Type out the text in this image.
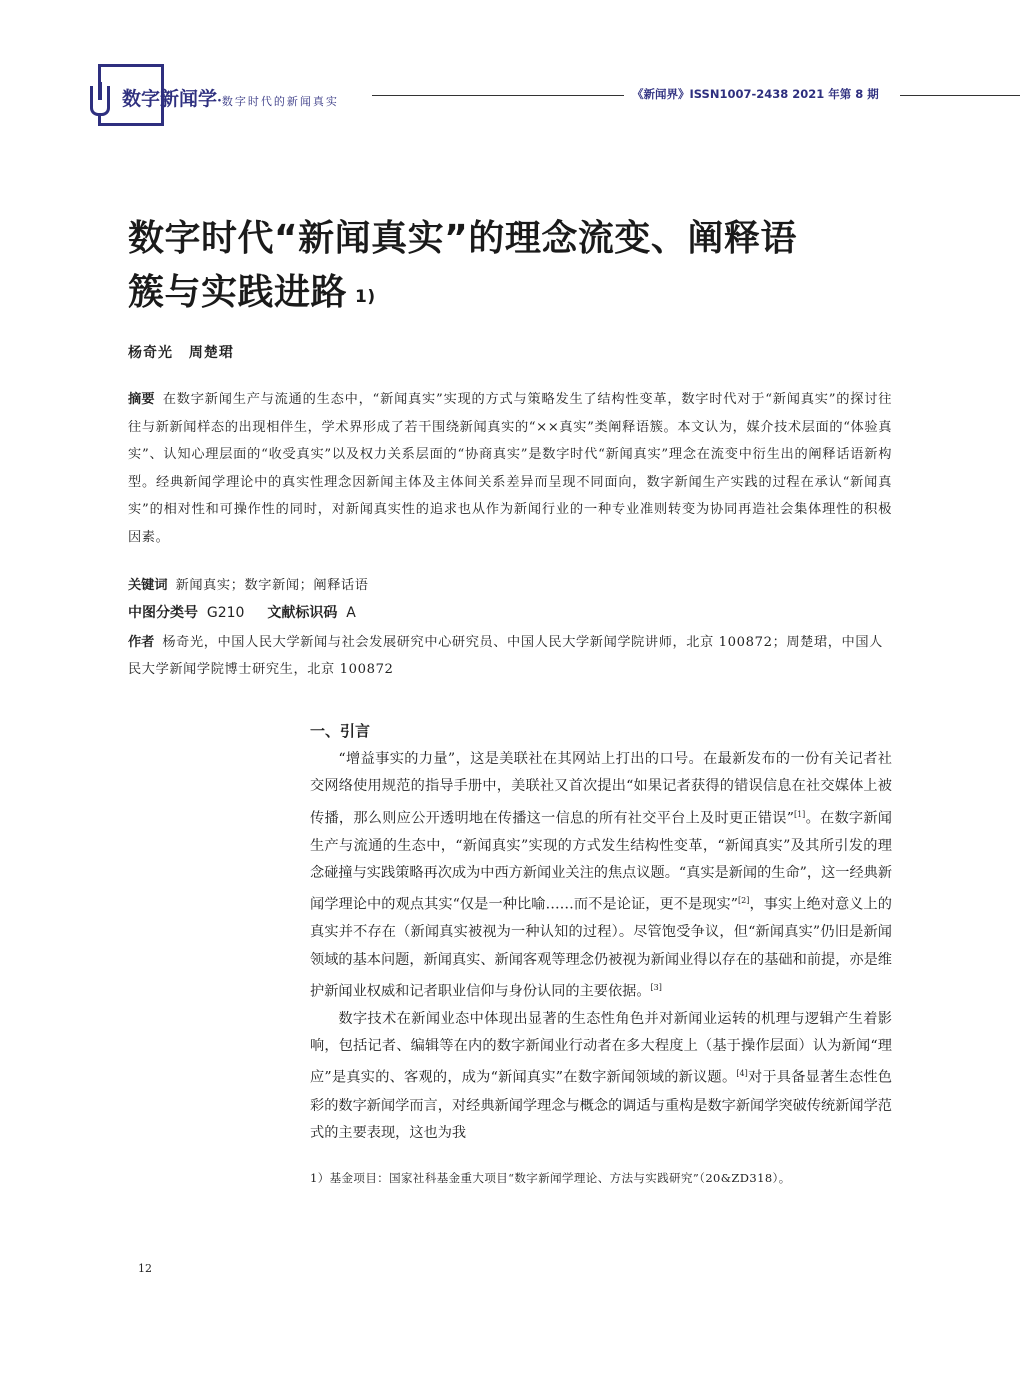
数字新闻学·数字时代的新闻真实
《新闻界》ISSN1007-2438 2021 年第 8 期
数字时代“新闻真实”的理念流变、阐释语
簇与实践进路 $^{1)}$
杨奇光 周楚珺
摘要 在数字新闻生产与流通的生态中，“新闻真实”实现的方式与策略发生了结构性变革，数字时代对于“新闻真实”的探讨往往与新新闻样态的出现相伴生，学术界形成了若干围绕新闻真实的“××真实”类阐释语簇。本文认为，媒介技术层面的“体验真实”、认知心理层面的“收受真实”以及权力关系层面的“协商真实”是数字时代“新闻真实”理念在流变中衍生出的阐释话语新构型。经典新闻学理论中的真实性理念因新闻主体及主体间关系差异而呈现不同面向，数字新闻生产实践的过程在承认“新闻真实”的相对性和可操作性的同时，对新闻真实性的追求也从作为新闻行业的一种专业准则转变为协同再造社会集体理性的积极因素。
关键词 新闻真实；数字新闻；阐释话语
中图分类号 G210 文献标识码 A
作者 杨奇光，中国人民大学新闻与社会发展研究中心研究员、中国人民大学新闻学院讲师，北京 100872；周楚珺，中国人民大学新闻学院博士研究生，北京 100872
一、引言

“增益事实的力量”，这是美联社在其网站上打出的口号。在最新发布的一份有关记者社交网络使用规范的指导手册中，美联社又首次提出“如果记者获得的错误信息在社交媒体上被传播，那么则应公开透明地在传播这一信息的所有社交平台上及时更正错误”[1]。在数字新闻生产与流通的生态中，“新闻真实”实现的方式发生结构性变革，“新闻真实”及其所引发的理念碰撞与实践策略再次成为中西方新闻业关注的焦点议题。“真实是新闻的生命”，这一经典新闻学理论中的观点其实“仅是一种比喻……而不是论证，更不是现实”[2]，事实上绝对意义上的真实并不存在（新闻真实被视为一种认知的过程）。尽管饱受争议，但“新闻真实”仍旧是新闻领域的基本问题，新闻真实、新闻客观等理念仍被视为新闻业得以存在的基础和前提，亦是维护新闻业权威和记者职业信仰与身份认同的主要依据。[3]

数字技术在新闻业态中体现出显著的生态性角色并对新闻业运转的机理与逻辑产生着影响，包括记者、编辑等在内的数字新闻业行动者在多大程度上（基于操作层面）认为新闻“理应”是真实的、客观的，成为“新闻真实”在数字新闻领域的新议题。[4]对于具备显著生态性色彩的数字新闻学而言，对经典新闻学理念与概念的调适与重构是数字新闻学突破传统新闻学范式的主要表现，这也为我

1）基金项目：国家社科基金重大项目“数字新闻学理论、方法与实践研究”（20&ZD318）。
12
